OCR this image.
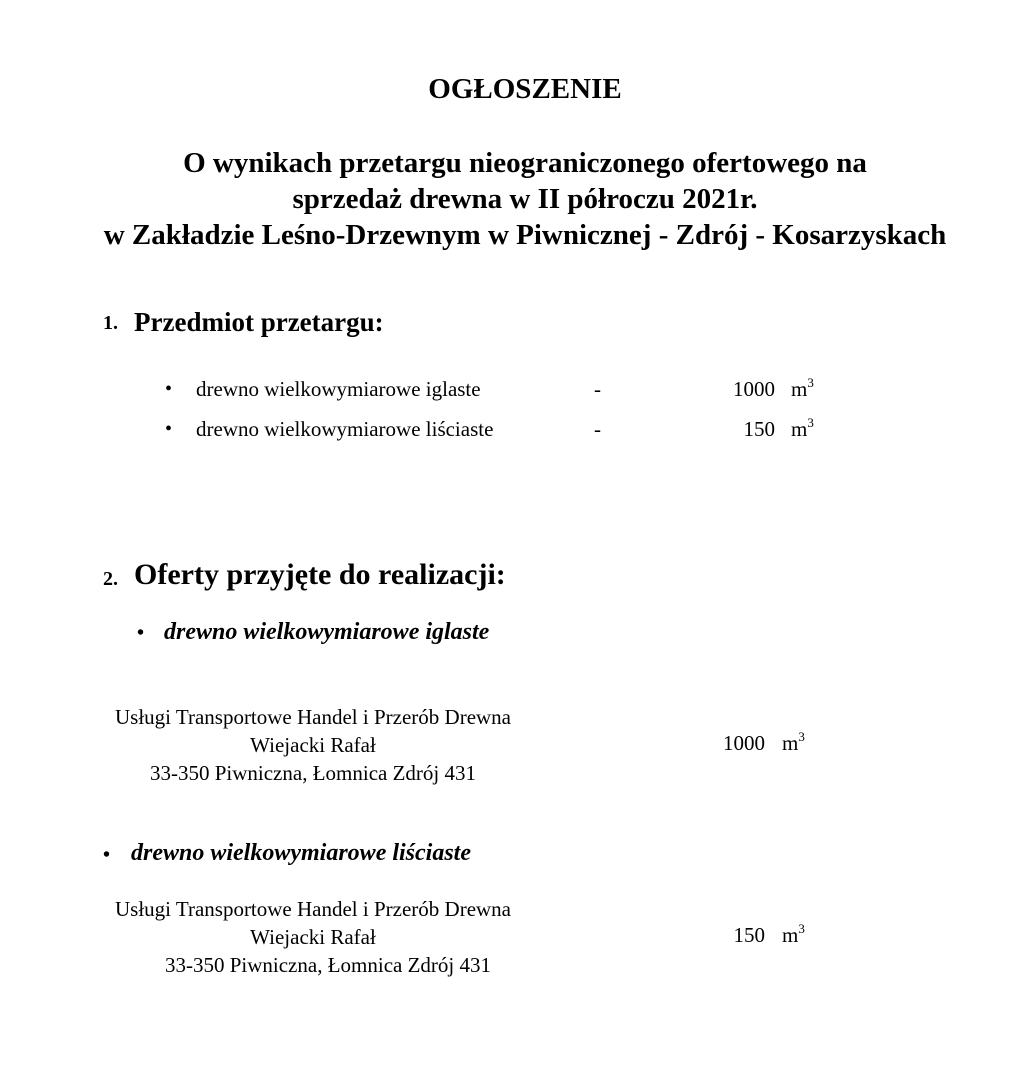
OGŁOSZENIE
O wynikach przetargu nieograniczonego ofertowego na
sprzedaż drewna w II półroczu 2021r.
w Zakładzie Leśno-Drzewnym w Piwnicznej - Zdrój - Kosarzyskach
1. Przedmiot przetargu:
• drewno wielkowymiarowe iglaste	-	1000 $m^3$
• drewno wielkowymiarowe liściaste	-	150 $m^3$
2. Oferty przyjęte do realizacji:
• drewno wielkowymiarowe iglaste
Usługi Transportowe Handel i Przerób Drewna
Wiejacki Rafał
33-350 Piwniczna, Łomnica Zdrój 431
1000 $m^3$
• drewno wielkowymiarowe liściaste
Usługi Transportowe Handel i Przerób Drewna
Wiejacki Rafał
33-350 Piwniczna, Łomnica Zdrój 431
150 $m^3$
